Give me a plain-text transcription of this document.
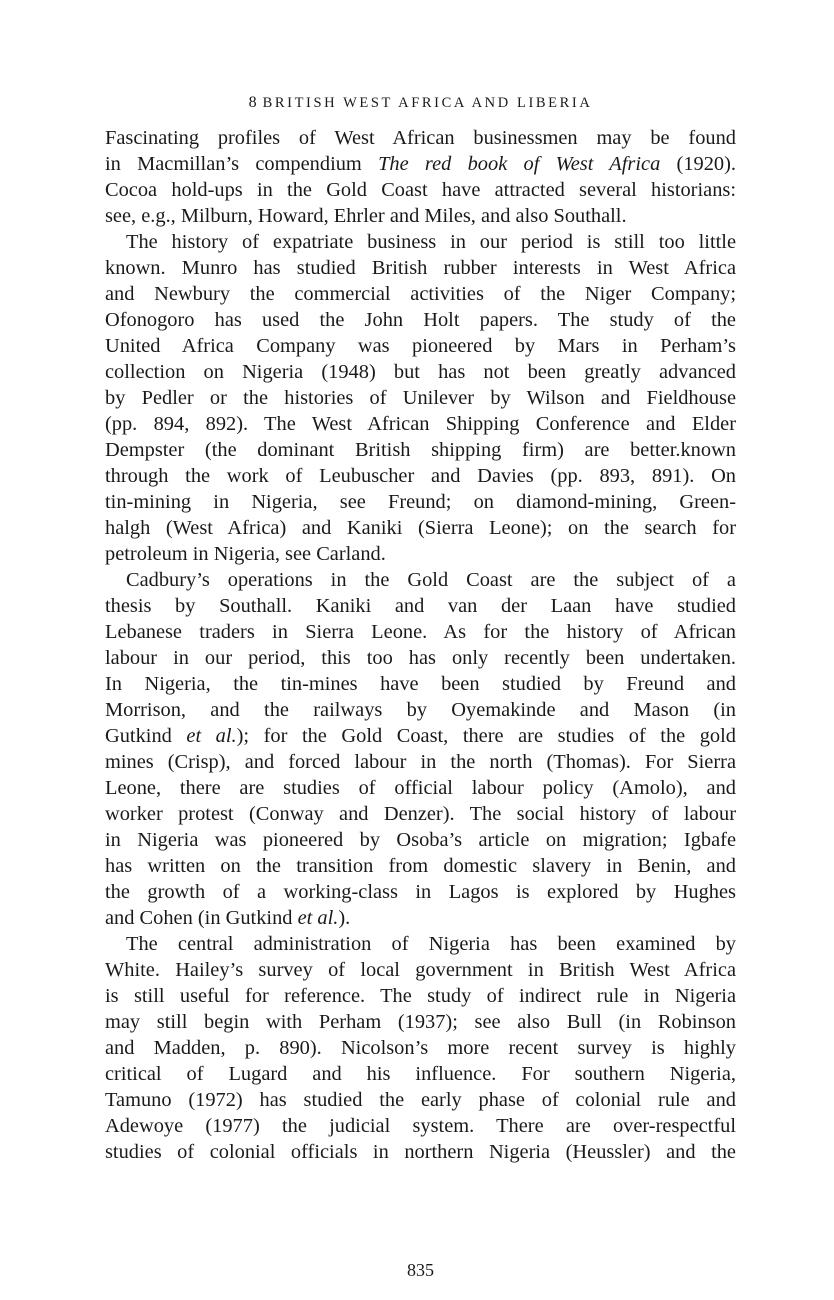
8 BRITISH WEST AFRICA AND LIBERIA
Fascinating profiles of West African businessmen may be found
in Macmillan’s compendium The red book of West Africa (1920).
Cocoa hold-ups in the Gold Coast have attracted several historians:
see, e.g., Milburn, Howard, Ehrler and Miles, and also Southall.
The history of expatriate business in our period is still too little
known. Munro has studied British rubber interests in West Africa
and Newbury the commercial activities of the Niger Company;
Ofonogoro has used the John Holt papers. The study of the
United Africa Company was pioneered by Mars in Perham’s
collection on Nigeria (1948) but has not been greatly advanced
by Pedler or the histories of Unilever by Wilson and Fieldhouse
(pp. 894, 892). The West African Shipping Conference and Elder
Dempster (the dominant British shipping firm) are better.known
through the work of Leubuscher and Davies (pp. 893, 891). On
tin-mining in Nigeria, see Freund; on diamond-mining, Green-
halgh (West Africa) and Kaniki (Sierra Leone); on the search for
petroleum in Nigeria, see Carland.
Cadbury’s operations in the Gold Coast are the subject of a
thesis by Southall. Kaniki and van der Laan have studied
Lebanese traders in Sierra Leone. As for the history of African
labour in our period, this too has only recently been undertaken.
In Nigeria, the tin-mines have been studied by Freund and
Morrison, and the railways by Oyemakinde and Mason (in
Gutkind et al.); for the Gold Coast, there are studies of the gold
mines (Crisp), and forced labour in the north (Thomas). For Sierra
Leone, there are studies of official labour policy (Amolo), and
worker protest (Conway and Denzer). The social history of labour
in Nigeria was pioneered by Osoba’s article on migration; Igbafe
has written on the transition from domestic slavery in Benin, and
the growth of a working-class in Lagos is explored by Hughes
and Cohen (in Gutkind et al.).
The central administration of Nigeria has been examined by
White. Hailey’s survey of local government in British West Africa
is still useful for reference. The study of indirect rule in Nigeria
may still begin with Perham (1937); see also Bull (in Robinson
and Madden, p. 890). Nicolson’s more recent survey is highly
critical of Lugard and his influence. For southern Nigeria,
Tamuno (1972) has studied the early phase of colonial rule and
Adewoye (1977) the judicial system. There are over-respectful
studies of colonial officials in northern Nigeria (Heussler) and the
835
